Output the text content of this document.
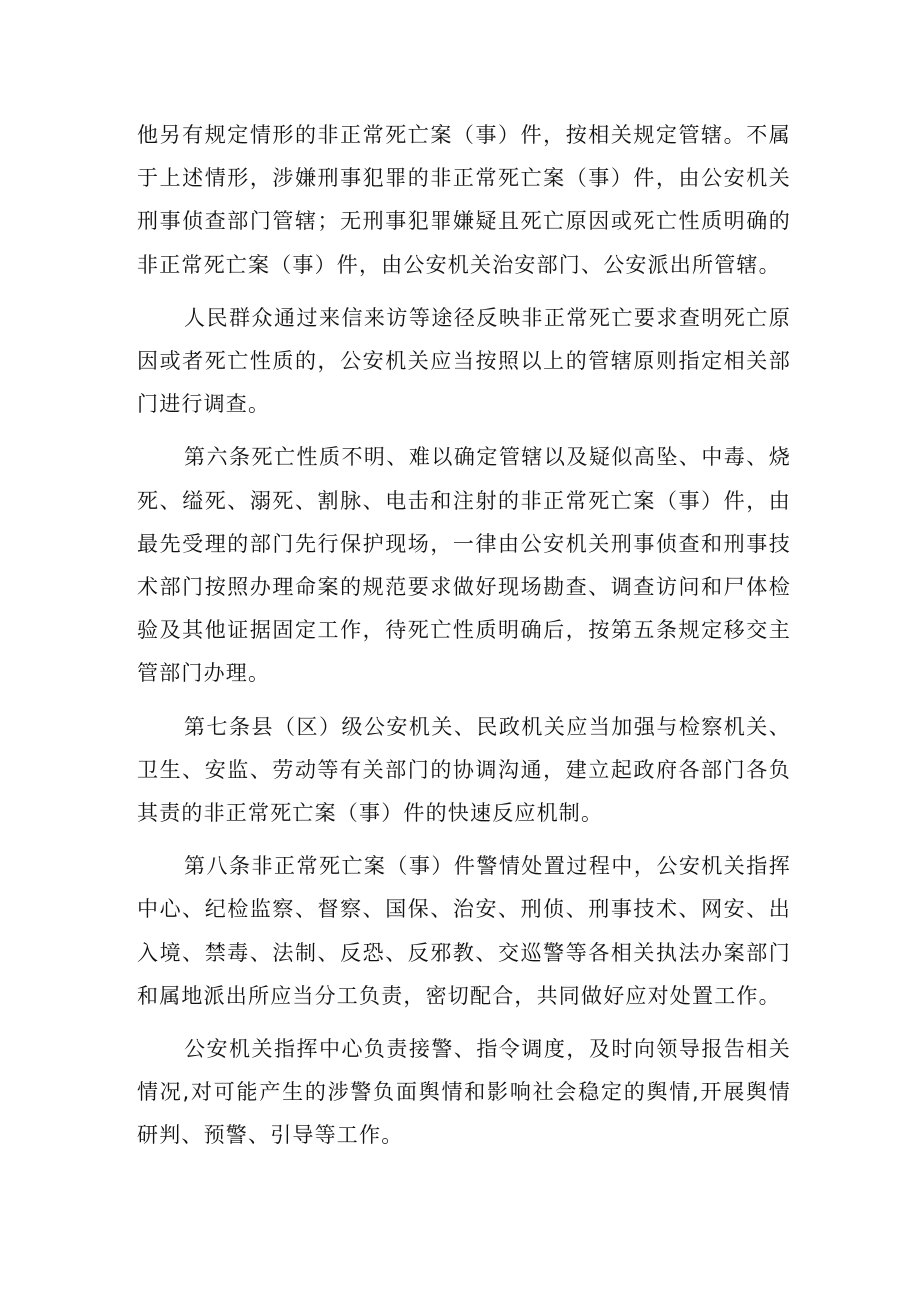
他另有规定情形的非正常死亡案（事）件，按相关规定管辖。不属于上述情形，涉嫌刑事犯罪的非正常死亡案（事）件，由公安机关刑事侦查部门管辖；无刑事犯罪嫌疑且死亡原因或死亡性质明确的非正常死亡案（事）件，由公安机关治安部门、公安派出所管辖。

人民群众通过来信来访等途径反映非正常死亡要求查明死亡原因或者死亡性质的，公安机关应当按照以上的管辖原则指定相关部门进行调查。

第六条死亡性质不明、难以确定管辖以及疑似高坠、中毒、烧死、缢死、溺死、割脉、电击和注射的非正常死亡案（事）件，由最先受理的部门先行保护现场，一律由公安机关刑事侦查和刑事技术部门按照办理命案的规范要求做好现场勘查、调查访问和尸体检验及其他证据固定工作，待死亡性质明确后，按第五条规定移交主管部门办理。

第七条县（区）级公安机关、民政机关应当加强与检察机关、卫生、安监、劳动等有关部门的协调沟通，建立起政府各部门各负其责的非正常死亡案（事）件的快速反应机制。

第八条非正常死亡案（事）件警情处置过程中，公安机关指挥中心、纪检监察、督察、国保、治安、刑侦、刑事技术、网安、出入境、禁毒、法制、反恐、反邪教、交巡警等各相关执法办案部门和属地派出所应当分工负责，密切配合，共同做好应对处置工作。

公安机关指挥中心负责接警、指令调度，及时向领导报告相关情况,对可能产生的涉警负面舆情和影响社会稳定的舆情,开展舆情研判、预警、引导等工作。
